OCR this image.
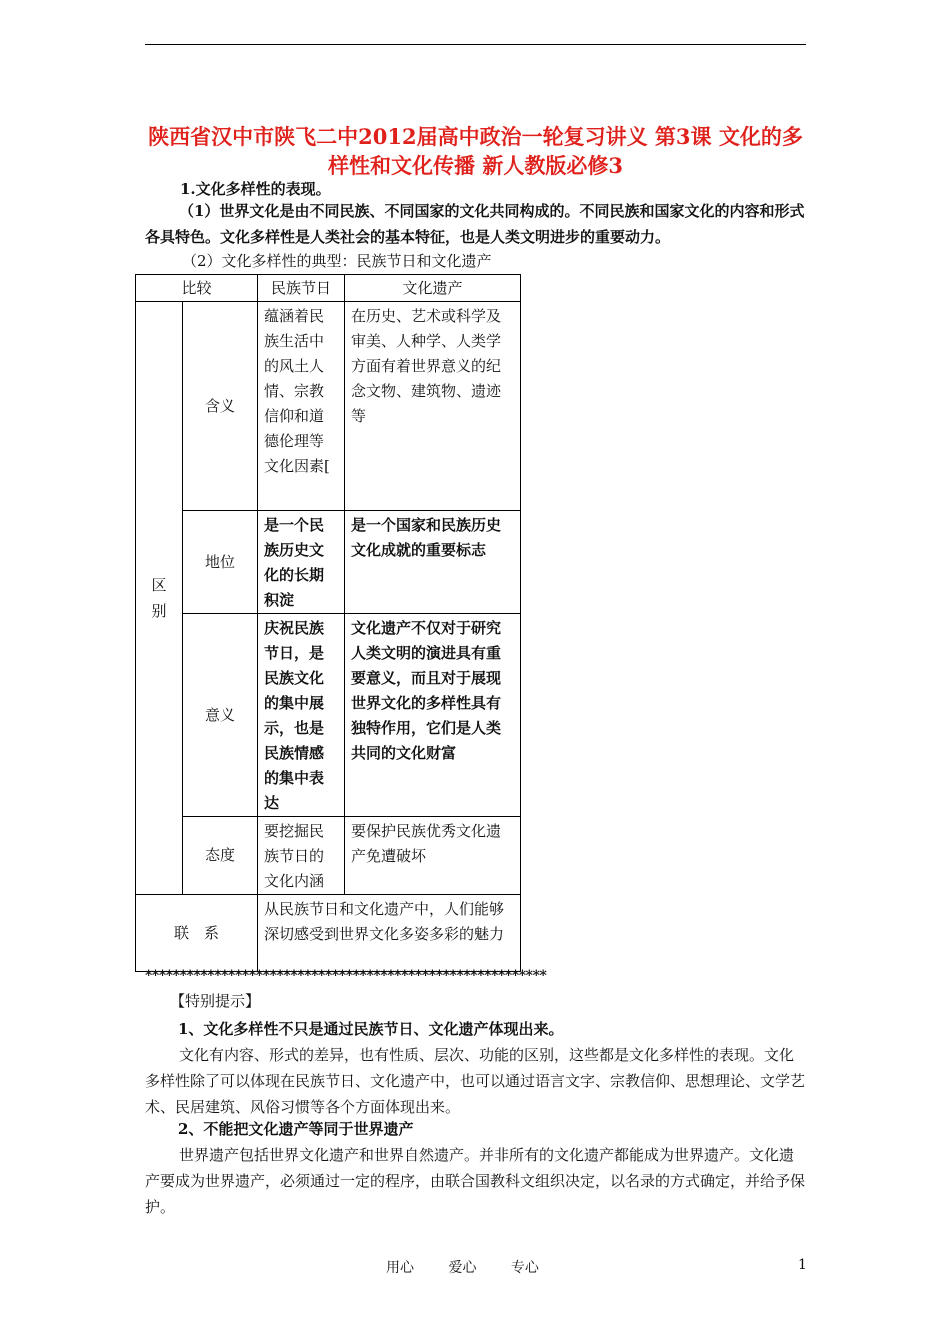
陕西省汉中市陕飞二中2012届高中政治一轮复习讲义 第3课 文化的多样性和文化传播 新人教版必修3
1.文化多样性的表现。
（1）世界文化是由不同民族、不同国家的文化共同构成的。不同民族和国家文化的内容和形式各具特色。文化多样性是人类社会的基本特征，也是人类文明进步的重要动力。
（2）文化多样性的典型：民族节日和文化遗产
比较		民族节日	文化遗产

区别	含义	蕴涵着民族生活中的风土人情、宗教信仰和道德伦理等文化因素[	在历史、艺术或科学及审美、人种学、人类学方面有着世界意义的纪念文物、建筑物、遗迹等
	地位	是一个民族历史文化的长期积淀	是一个国家和民族历史文化成就的重要标志
	意义	庆祝民族节日，是民族文化的集中展示，也是民族情感的集中表达	文化遗产不仅对于研究人类文明的演进具有重要意义，而且对于展现世界文化的多样性具有独特作用，它们是人类共同的文化财富
	态度	要挖掘民族节日的文化内涵	要保护民族优秀文化遗产免遭破坏
联　系		从民族节日和文化遗产中，人们能够深切感受到世界文化多姿多彩的魅力	
**********************************************************
【特别提示】
1、文化多样性不只是通过民族节日、文化遗产体现出来。
文化有内容、形式的差异，也有性质、层次、功能的区别，这些都是文化多样性的表现。文化多样性除了可以体现在民族节日、文化遗产中，也可以通过语言文字、宗教信仰、思想理论、文学艺术、民居建筑、风俗习惯等各个方面体现出来。
2、不能把文化遗产等同于世界遗产
世界遗产包括世界文化遗产和世界自然遗产。并非所有的文化遗产都能成为世界遗产。文化遗产要成为世界遗产，必须通过一定的程序，由联合国教科文组织决定，以名录的方式确定，并给予保护。
用心 爱心 专心	1
